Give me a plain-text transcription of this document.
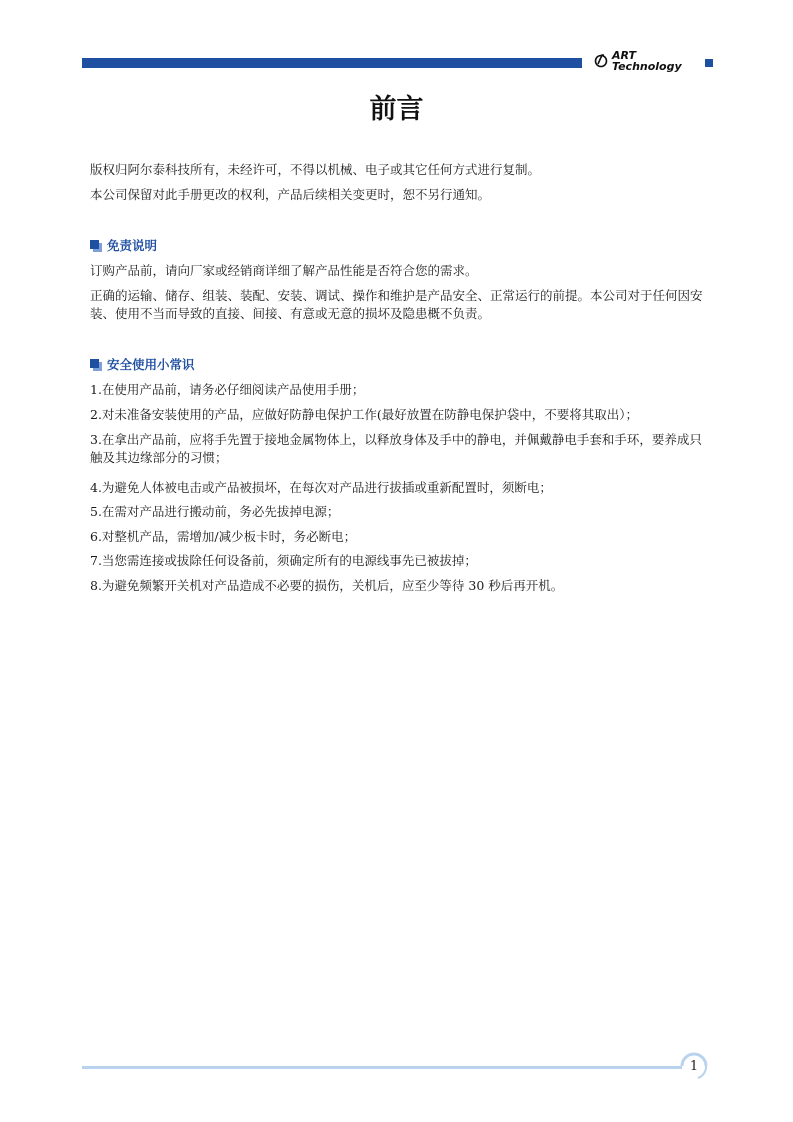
ART
Technology
前言
版权归阿尔泰科技所有，未经许可，不得以机械、电子或其它任何方式进行复制。
本公司保留对此手册更改的权利，产品后续相关变更时，恕不另行通知。
免责说明
订购产品前，请向厂家或经销商详细了解产品性能是否符合您的需求。
正确的运输、储存、组装、装配、安装、调试、操作和维护是产品安全、正常运行的前提。本公司对于任何因安装、使用不当而导致的直接、间接、有意或无意的损坏及隐患概不负责。
安全使用小常识
1.在使用产品前，请务必仔细阅读产品使用手册；
2.对未准备安装使用的产品，应做好防静电保护工作(最好放置在防静电保护袋中，不要将其取出）；
3.在拿出产品前，应将手先置于接地金属物体上，以释放身体及手中的静电，并佩戴静电手套和手环，要养成只触及其边缘部分的习惯；
4.为避免人体被电击或产品被损坏，在每次对产品进行拔插或重新配置时，须断电；
5.在需对产品进行搬动前，务必先拔掉电源；
6.对整机产品，需增加/减少板卡时，务必断电；
7.当您需连接或拔除任何设备前，须确定所有的电源线事先已被拔掉；
8.为避免频繁开关机对产品造成不必要的损伤，关机后，应至少等待 30 秒后再开机。
1
